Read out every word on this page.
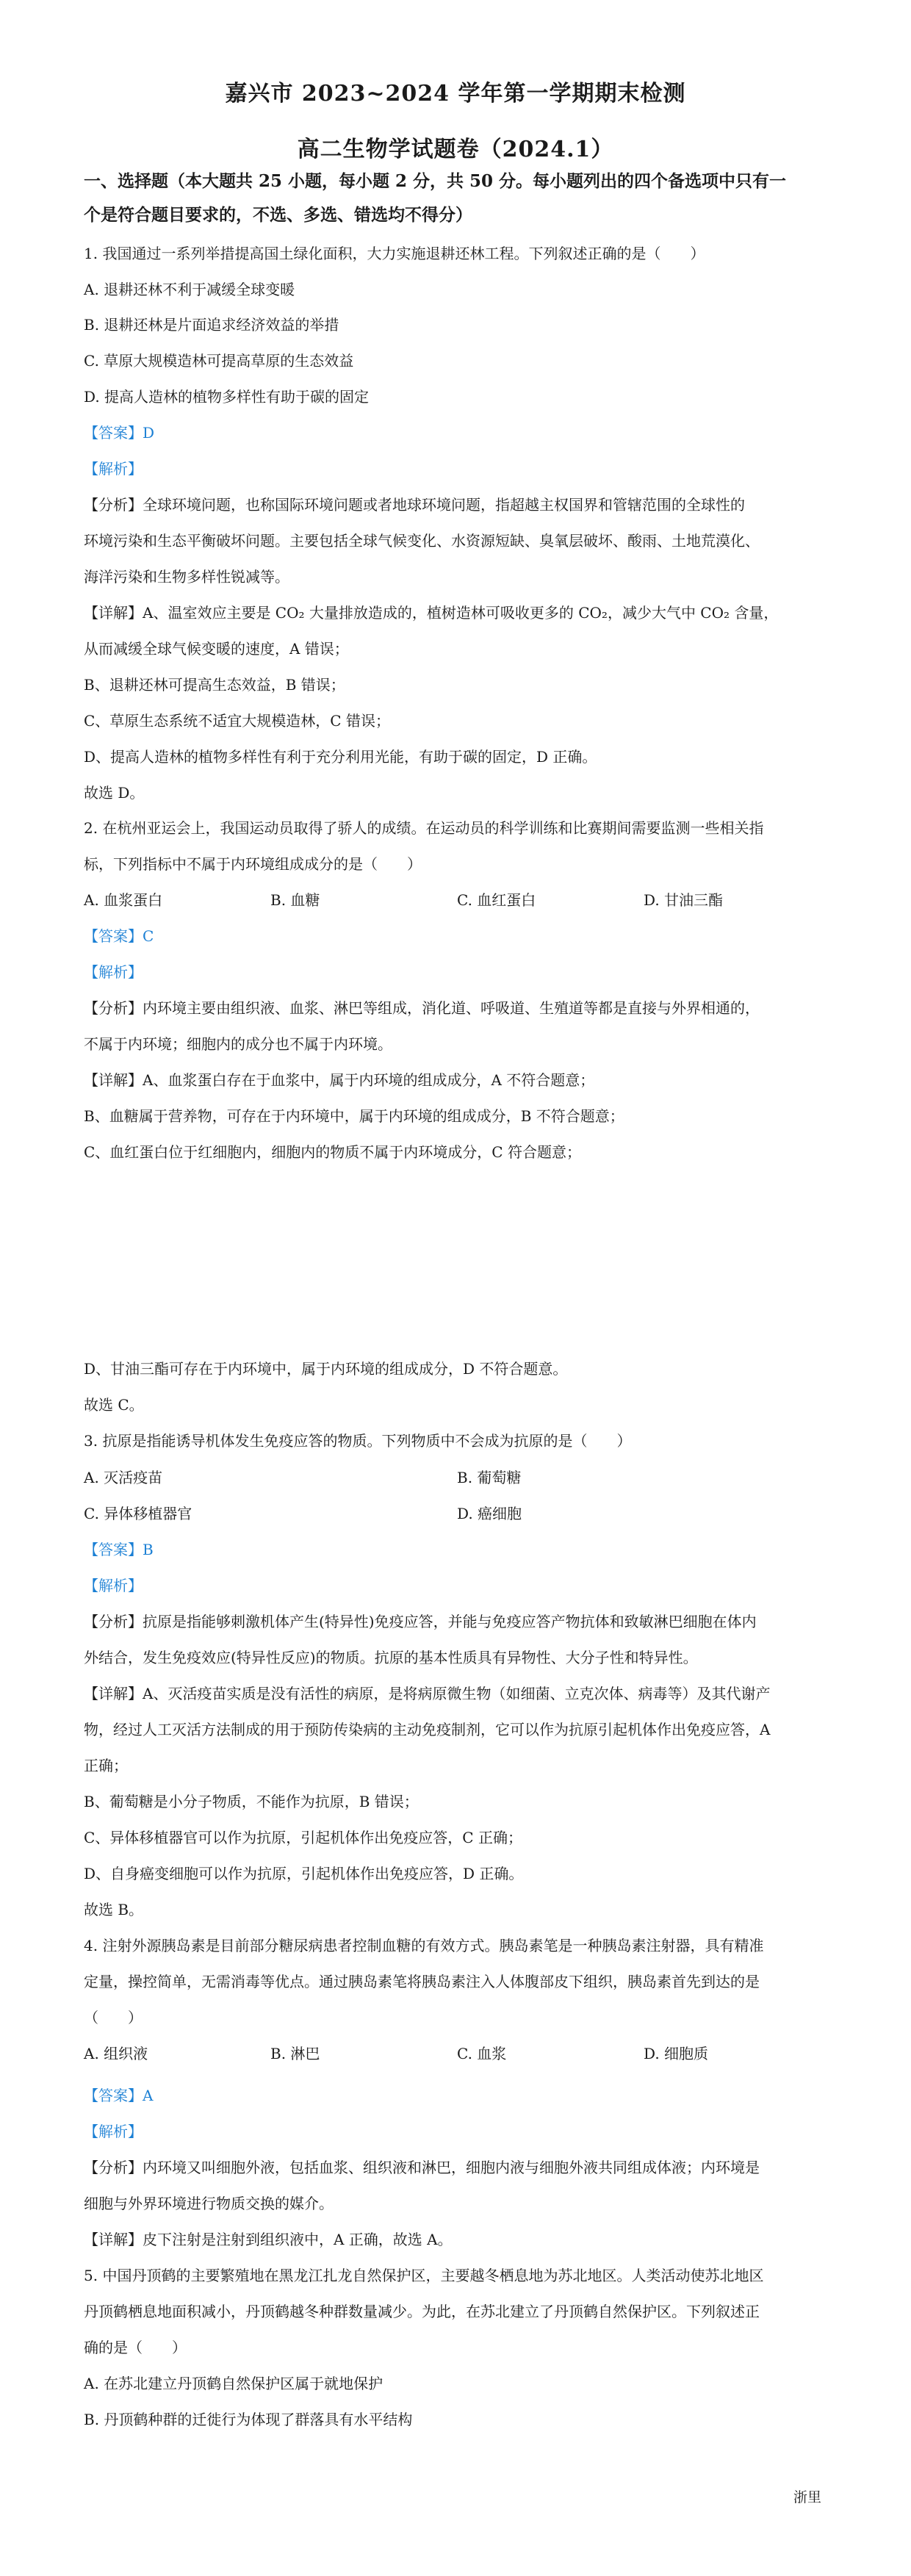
嘉兴市 2023~2024 学年第一学期期末检测
高二生物学试题卷（2024.1）
一、选择题（本大题共 25 小题，每小题 2 分，共 50 分。每小题列出的四个备选项中只有一
个是符合题目要求的，不选、多选、错选均不得分）
1. 我国通过一系列举措提高国土绿化面积，大力实施退耕还林工程。下列叙述正确的是（　　）
A. 退耕还林不利于减缓全球变暖
B. 退耕还林是片面追求经济效益的举措
C. 草原大规模造林可提高草原的生态效益
D. 提高人造林的植物多样性有助于碳的固定
【答案】D
【解析】
【分析】全球环境问题，也称国际环境问题或者地球环境问题，指超越主权国界和管辖范围的全球性的
环境污染和生态平衡破坏问题。主要包括全球气候变化、水资源短缺、臭氧层破坏、酸雨、土地荒漠化、
海洋污染和生物多样性锐减等。
【详解】A、温室效应主要是 CO₂ 大量排放造成的，植树造林可吸收更多的 CO₂，减少大气中 CO₂ 含量，
从而减缓全球气候变暖的速度，A 错误；
B、退耕还林可提高生态效益，B 错误；
C、草原生态系统不适宜大规模造林，C 错误；
D、提高人造林的植物多样性有利于充分利用光能，有助于碳的固定，D 正确。
故选 D。
2. 在杭州亚运会上，我国运动员取得了骄人的成绩。在运动员的科学训练和比赛期间需要监测一些相关指
标，下列指标中不属于内环境组成成分的是（　　）
A. 血浆蛋白	B. 血糖	C. 血红蛋白	D. 甘油三酯
【答案】C
【解析】
【分析】内环境主要由组织液、血浆、淋巴等组成，消化道、呼吸道、生殖道等都是直接与外界相通的，
不属于内环境；细胞内的成分也不属于内环境。
【详解】A、血浆蛋白存在于血浆中，属于内环境的组成成分，A 不符合题意；
B、血糖属于营养物，可存在于内环境中，属于内环境的组成成分，B 不符合题意；
C、血红蛋白位于红细胞内，细胞内的物质不属于内环境成分，C 符合题意；
D、甘油三酯可存在于内环境中，属于内环境的组成成分，D 不符合题意。
故选 C。
3. 抗原是指能诱导机体发生免疫应答的物质。下列物质中不会成为抗原的是（　　）
A. 灭活疫苗	B. 葡萄糖
C. 异体移植器官	D. 癌细胞
【答案】B
【解析】
【分析】抗原是指能够刺激机体产生(特异性)免疫应答，并能与免疫应答产物抗体和致敏淋巴细胞在体内
外结合，发生免疫效应(特异性反应)的物质。抗原的基本性质具有异物性、大分子性和特异性。
【详解】A、灭活疫苗实质是没有活性的病原，是将病原微生物（如细菌、立克次体、病毒等）及其代谢产
物，经过人工灭活方法制成的用于预防传染病的主动免疫制剂，它可以作为抗原引起机体作出免疫应答，A
正确；
B、葡萄糖是小分子物质，不能作为抗原，B 错误；
C、异体移植器官可以作为抗原，引起机体作出免疫应答，C 正确；
D、自身癌变细胞可以作为抗原，引起机体作出免疫应答，D 正确。
故选 B。
4. 注射外源胰岛素是目前部分糖尿病患者控制血糖的有效方式。胰岛素笔是一种胰岛素注射器，具有精准
定量，操控简单，无需消毒等优点。通过胰岛素笔将胰岛素注入人体腹部皮下组织，胰岛素首先到达的是
（　　）
A. 组织液	B. 淋巴	C. 血浆	D. 细胞质
【答案】A
【解析】
【分析】内环境又叫细胞外液，包括血浆、组织液和淋巴，细胞内液与细胞外液共同组成体液；内环境是
细胞与外界环境进行物质交换的媒介。
【详解】皮下注射是注射到组织液中，A 正确，故选 A。
5. 中国丹顶鹤的主要繁殖地在黑龙江扎龙自然保护区，主要越冬栖息地为苏北地区。人类活动使苏北地区
丹顶鹤栖息地面积减小，丹顶鹤越冬种群数量减少。为此，在苏北建立了丹顶鹤自然保护区。下列叙述正
确的是（　　）
A. 在苏北建立丹顶鹤自然保护区属于就地保护
B. 丹顶鹤种群的迁徙行为体现了群落具有水平结构
浙里
